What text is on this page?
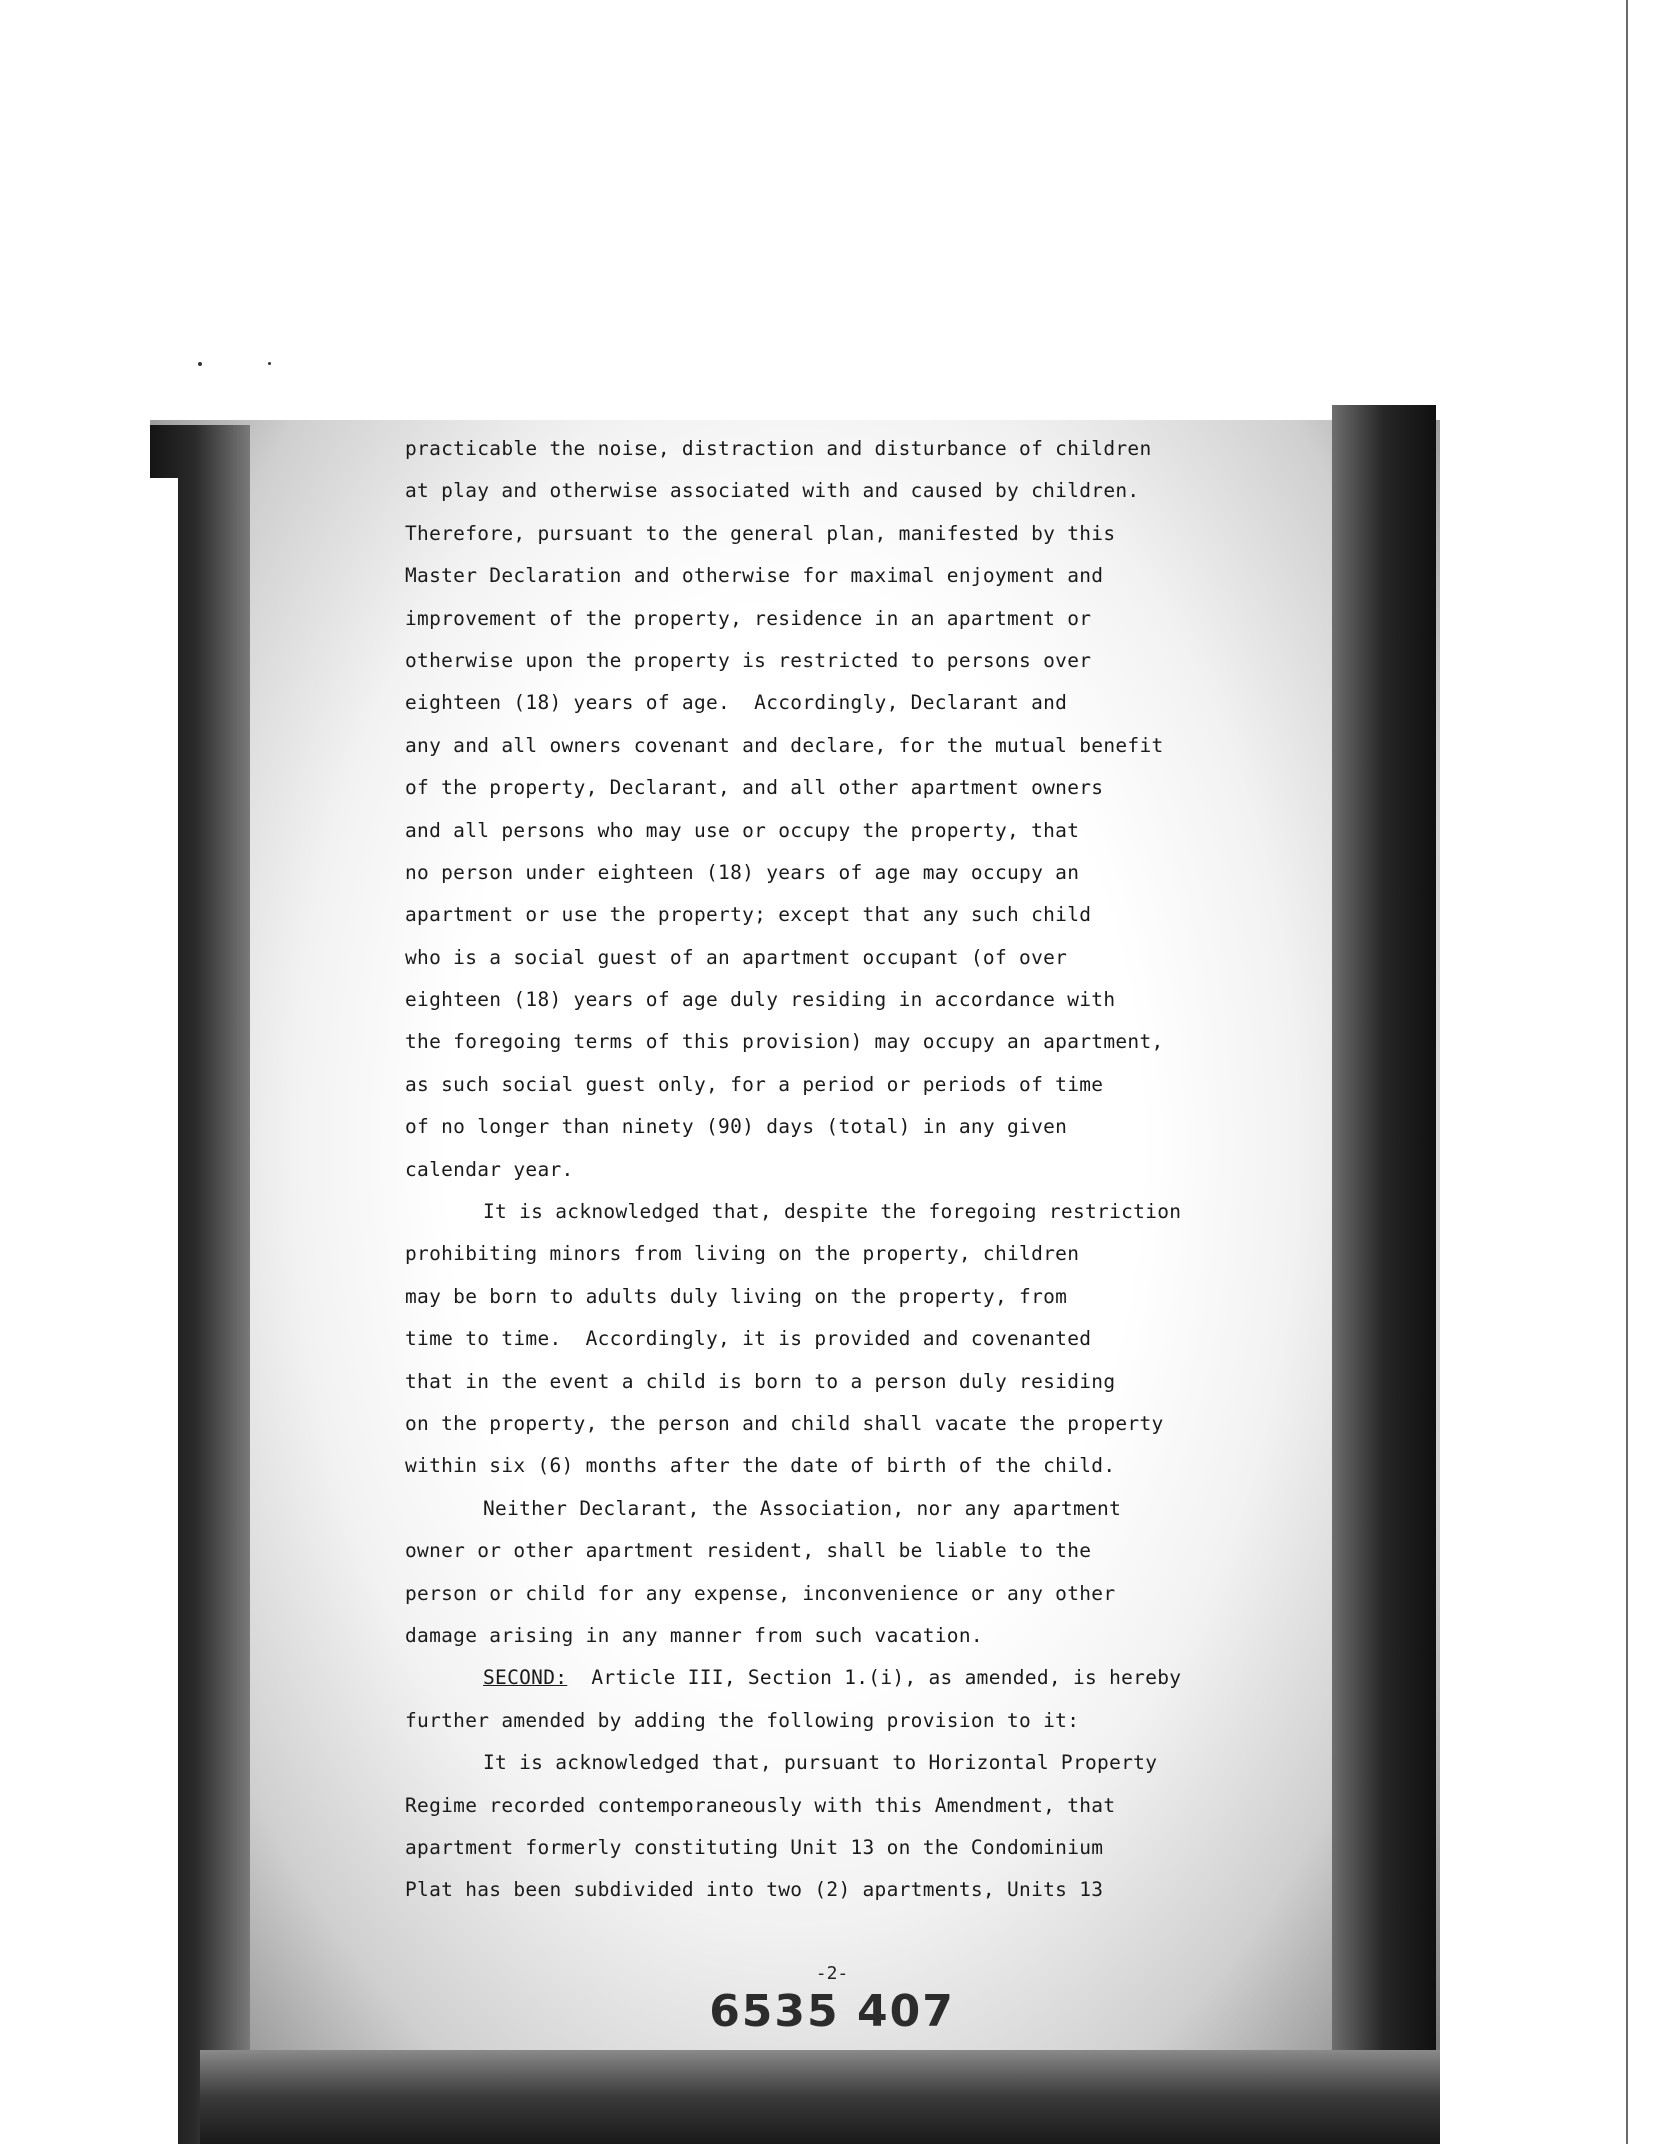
practicable the noise, distraction and disturbance of children
at play and otherwise associated with and caused by children.
Therefore, pursuant to the general plan, manifested by this
Master Declaration and otherwise for maximal enjoyment and
improvement of the property, residence in an apartment or
otherwise upon the property is restricted to persons over
eighteen (18) years of age.  Accordingly, Declarant and
any and all owners covenant and declare, for the mutual benefit
of the property, Declarant, and all other apartment owners
and all persons who may use or occupy the property, that
no person under eighteen (18) years of age may occupy an
apartment or use the property; except that any such child
who is a social guest of an apartment occupant (of over
eighteen (18) years of age duly residing in accordance with
the foregoing terms of this provision) may occupy an apartment,
as such social guest only, for a period or periods of time
of no longer than ninety (90) days (total) in any given
calendar year.
It is acknowledged that, despite the foregoing restriction
prohibiting minors from living on the property, children
may be born to adults duly living on the property, from
time to time.  Accordingly, it is provided and covenanted
that in the event a child is born to a person duly residing
on the property, the person and child shall vacate the property
within six (6) months after the date of birth of the child.
Neither Declarant, the Association, nor any apartment
owner or other apartment resident, shall be liable to the
person or child for any expense, inconvenience or any other
damage arising in any manner from such vacation.
SECOND: Article III, Section 1.(i), as amended, is hereby
further amended by adding the following provision to it:
It is acknowledged that, pursuant to Horizontal Property
Regime recorded contemporaneously with this Amendment, that
apartment formerly constituting Unit 13 on the Condominium
Plat has been subdivided into two (2) apartments, Units 13
-2-
6535 407
